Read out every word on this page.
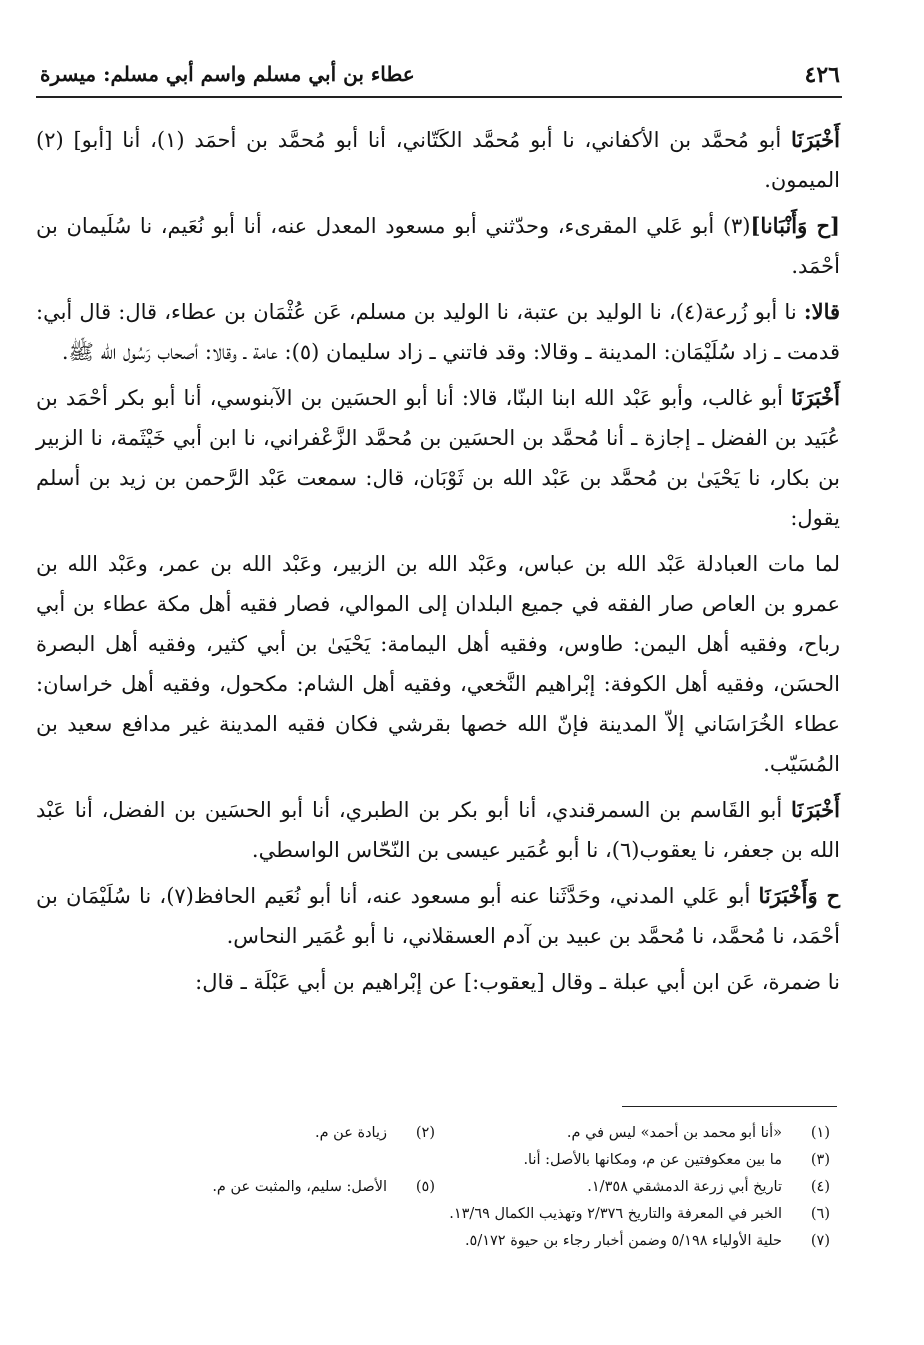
٤٢٦
عطاء بن أبي مسلم واسم أبي مسلم: ميسرة

أَخْبَرَنَا أبو مُحمَّد بن الأكفاني، نا أبو مُحمَّد الكَتّاني، أنا أبو مُحمَّد بن أحمَد (١)، أنا [أبو] (٢) الميمون.

[ح وَأَنْبَانا](٣) أبو عَلي المقرىء، وحدّثني أبو مسعود المعدل عنه، أنا أبو نُعَيم، نا سُلَيمان بن أحْمَد.

قالا: نا أبو زُرعة(٤)، نا الوليد بن عتبة، نا الوليد بن مسلم، عَن عُثْمَان بن عطاء، قال: قال أبي: قدمت ـ زاد سُلَيْمَان: المدينة ـ وقالا: وقد فاتني ـ زاد سليمان (٥): عامة ـ وقالا: أصحاب رَسُول الله ﷺ.

أَخْبَرَنَا أبو غالب، وأبو عَبْد الله ابنا البنّا، قالا: أنا أبو الحسَين بن الآبنوسي، أنا أبو بكر أحْمَد بن عُبَيد بن الفضل ـ إجازة ـ أنا مُحمَّد بن الحسَين بن مُحمَّد الزَّعْفراني، نا ابن أبي خَيْثَمة، نا الزبير بن بكار، نا يَحْيَىٰ بن مُحمَّد بن عَبْد الله بن ثَوْبَان، قال: سمعت عَبْد الرَّحمن بن زيد بن أسلم يقول:

لما مات العبادلة عَبْد الله بن عباس، وعَبْد الله بن الزبير، وعَبْد الله بن عمر، وعَبْد الله بن عمرو بن العاص صار الفقه في جميع البلدان إلى الموالي، فصار فقيه أهل مكة عطاء بن أبي رباح، وفقيه أهل اليمن: طاوس، وفقيه أهل اليمامة: يَحْيَىٰ بن أبي كثير، وفقيه أهل البصرة الحسَن، وفقيه أهل الكوفة: إبْراهيم النَّخعي، وفقيه أهل الشام: مكحول، وفقيه أهل خراسان: عطاء الخُرَاسَاني إلاّ المدينة فإنّ الله خصها بقرشي فكان فقيه المدينة غير مدافع سعيد بن المُسَيّب.

أَخْبَرَنَا أبو القَاسم بن السمرقندي، أنا أبو بكر بن الطبري، أنا أبو الحسَين بن الفضل، أنا عَبْد الله بن جعفر، نا يعقوب(٦)، نا أبو عُمَير عيسى بن النّحّاس الواسطي.

ح وَأَخْبَرَنَا أبو عَلي المدني، وحَدَّثَنا عنه أبو مسعود عنه، أنا أبو نُعَيم الحافظ(٧)، نا سُلَيْمَان بن أحْمَد، نا مُحمَّد، نا مُحمَّد بن عبيد بن آدم العسقلاني، نا أبو عُمَير النحاس.

نا ضمرة، عَن ابن أبي عبلة ـ وقال [يعقوب:] عن إبْراهيم بن أبي عَبْلَة ـ قال:

(١)
«أنا أبو محمد بن أحمد» ليس في م.
(٢)
زيادة عن م.
(٣)
ما بين معكوفتين عن م، ومكانها بالأصل: أنا.
(٤)
تاريخ أبي زرعة الدمشقي ١/٣٥٨.
(٥)
الأصل: سليم، والمثبت عن م.
(٦)
الخبر في المعرفة والتاريخ ٢/٣٧٦ وتهذيب الكمال ١٣/٦٩.
(٧)
حلية الأولياء ٥/١٩٨ وضمن أخبار رجاء بن حيوة ٥/١٧٢.
